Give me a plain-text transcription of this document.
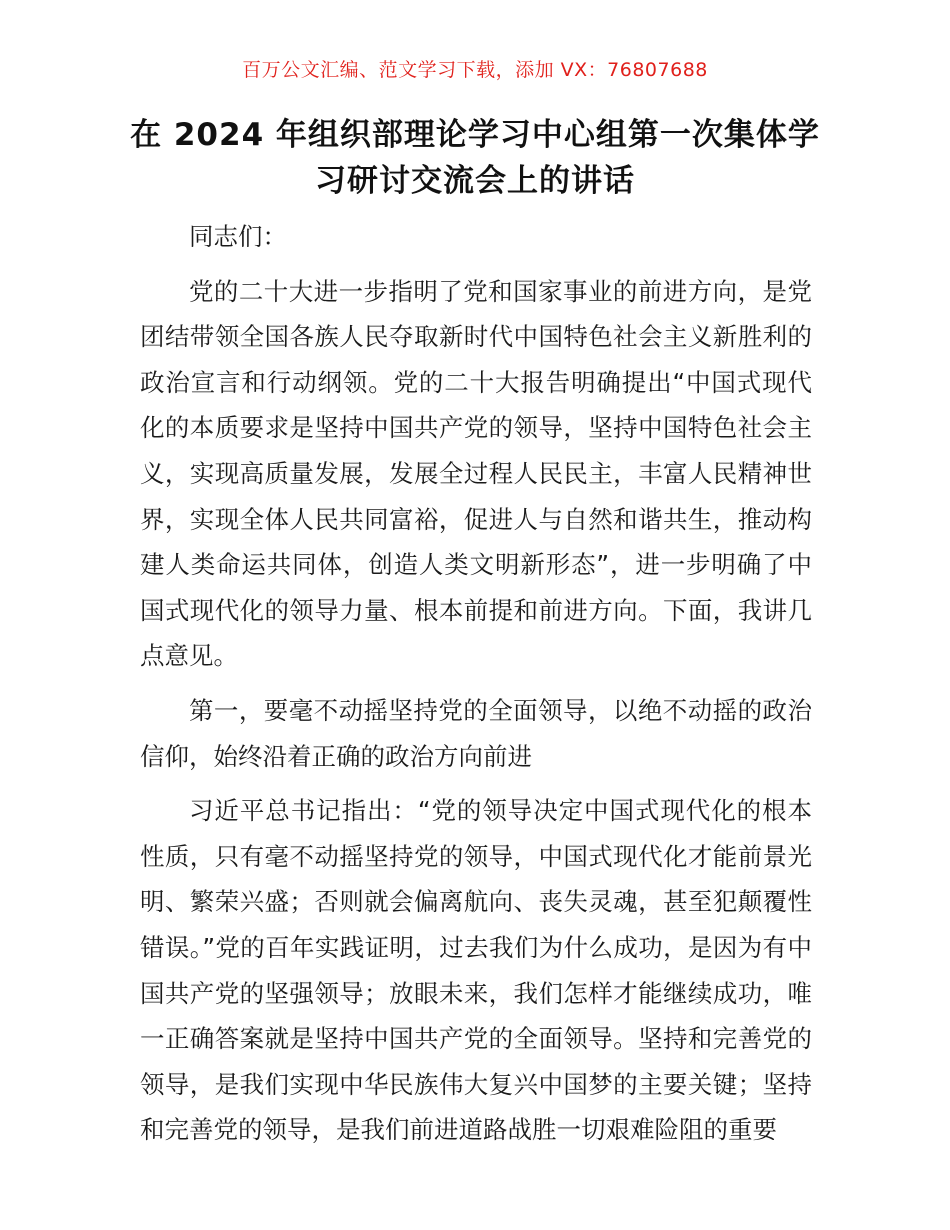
百万公文汇编、范文学习下载，添加 VX：76807688
在 2024 年组织部理论学习中心组第一次集体学习研讨交流会上的讲话

同志们：

党的二十大进一步指明了党和国家事业的前进方向，是党团结带领全国各族人民夺取新时代中国特色社会主义新胜利的政治宣言和行动纲领。党的二十大报告明确提出“中国式现代化的本质要求是坚持中国共产党的领导，坚持中国特色社会主义，实现高质量发展，发展全过程人民民主，丰富人民精神世界，实现全体人民共同富裕，促进人与自然和谐共生，推动构建人类命运共同体，创造人类文明新形态”，进一步明确了中国式现代化的领导力量、根本前提和前进方向。下面，我讲几点意见。

第一，要毫不动摇坚持党的全面领导，以绝不动摇的政治信仰，始终沿着正确的政治方向前进

习近平总书记指出：“党的领导决定中国式现代化的根本性质，只有毫不动摇坚持党的领导，中国式现代化才能前景光明、繁荣兴盛；否则就会偏离航向、丧失灵魂，甚至犯颠覆性错误。”党的百年实践证明，过去我们为什么成功，是因为有中国共产党的坚强领导；放眼未来，我们怎样才能继续成功，唯一正确答案就是坚持中国共产党的全面领导。坚持和完善党的领导，是我们实现中华民族伟大复兴中国梦的主要关键；坚持和完善党的领导，是我们前进道路战胜一切艰难险阻的重要
